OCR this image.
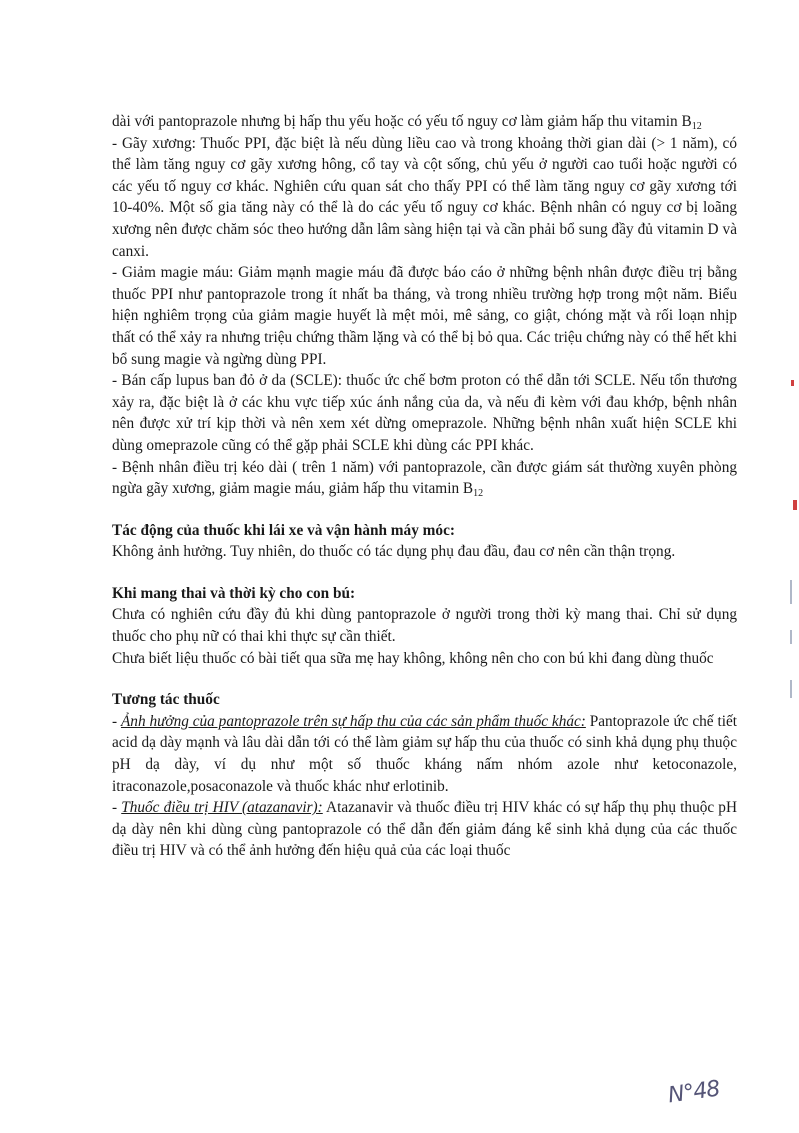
dài với pantoprazole nhưng bị hấp thu yếu hoặc có yếu tố nguy cơ làm giảm hấp thu vitamin $B_{12}$

- Gãy xương: Thuốc PPI, đặc biệt là nếu dùng liều cao và trong khoảng thời gian dài (> 1 năm), có thể làm tăng nguy cơ gãy xương hông, cổ tay và cột sống, chủ yếu ở người cao tuổi hoặc người có các yếu tố nguy cơ khác. Nghiên cứu quan sát cho thấy PPI có thể làm tăng nguy cơ gãy xương tới 10-40%. Một số gia tăng này có thể là do các yếu tố nguy cơ khác. Bệnh nhân có nguy cơ bị loãng xương nên được chăm sóc theo hướng dẫn lâm sàng hiện tại và cần phải bổ sung đầy đủ vitamin D và canxi.

- Giảm magie máu: Giảm mạnh magie máu đã được báo cáo ở những bệnh nhân được điều trị bằng thuốc PPI như pantoprazole trong ít nhất ba tháng, và trong nhiều trường hợp trong một năm. Biểu hiện nghiêm trọng của giảm magie huyết là mệt mỏi, mê sảng, co giật, chóng mặt và rối loạn nhịp thất có thể xảy ra nhưng triệu chứng thầm lặng và có thể bị bỏ qua. Các triệu chứng này có thể hết khi bổ sung magie và ngừng dùng PPI.

- Bán cấp lupus ban đỏ ở da (SCLE): thuốc ức chế bơm proton có thể dẫn tới SCLE. Nếu tổn thương xảy ra, đặc biệt là ở các khu vực tiếp xúc ánh nắng của da, và nếu đi kèm với đau khớp, bệnh nhân nên được xử trí kịp thời và nên xem xét dừng omeprazole. Những bệnh nhân xuất hiện SCLE khi dùng omeprazole cũng có thể gặp phải SCLE khi dùng các PPI khác.

- Bệnh nhân điều trị kéo dài ( trên 1 năm) với pantoprazole, cần được giám sát thường xuyên phòng ngừa gãy xương, giảm magie máu, giảm hấp thu vitamin $B_{12}$

Tác động của thuốc khi lái xe và vận hành máy móc:

Không ảnh hưởng. Tuy nhiên, do thuốc có tác dụng phụ đau đầu, đau cơ nên cần thận trọng.

Khi mang thai và thời kỳ cho con bú:

Chưa có nghiên cứu đầy đủ khi dùng pantoprazole ở người trong thời kỳ mang thai. Chỉ sử dụng thuốc cho phụ nữ có thai khi thực sự cần thiết.

Chưa biết liệu thuốc có bài tiết qua sữa mẹ hay không, không nên cho con bú khi đang dùng thuốc

Tương tác thuốc

- Ảnh hưởng của pantoprazole trên sự hấp thu của các sản phẩm thuốc khác: Pantoprazole ức chế tiết acid dạ dày mạnh và lâu dài dẫn tới có thể làm giảm sự hấp thu của thuốc có sinh khả dụng phụ thuộc pH dạ dày, ví dụ như một số thuốc kháng nấm nhóm azole như ketoconazole, itraconazole,posaconazole và thuốc khác như erlotinib.

- Thuốc điều trị HIV (atazanavir): Atazanavir và thuốc điều trị HIV khác có sự hấp thụ phụ thuộc pH dạ dày nên khi dùng cùng pantoprazole có thể dẫn đến giảm đáng kể sinh khả dụng của các thuốc điều trị HIV và có thể ảnh hưởng đến hiệu quả của các loại thuốc

N°48
